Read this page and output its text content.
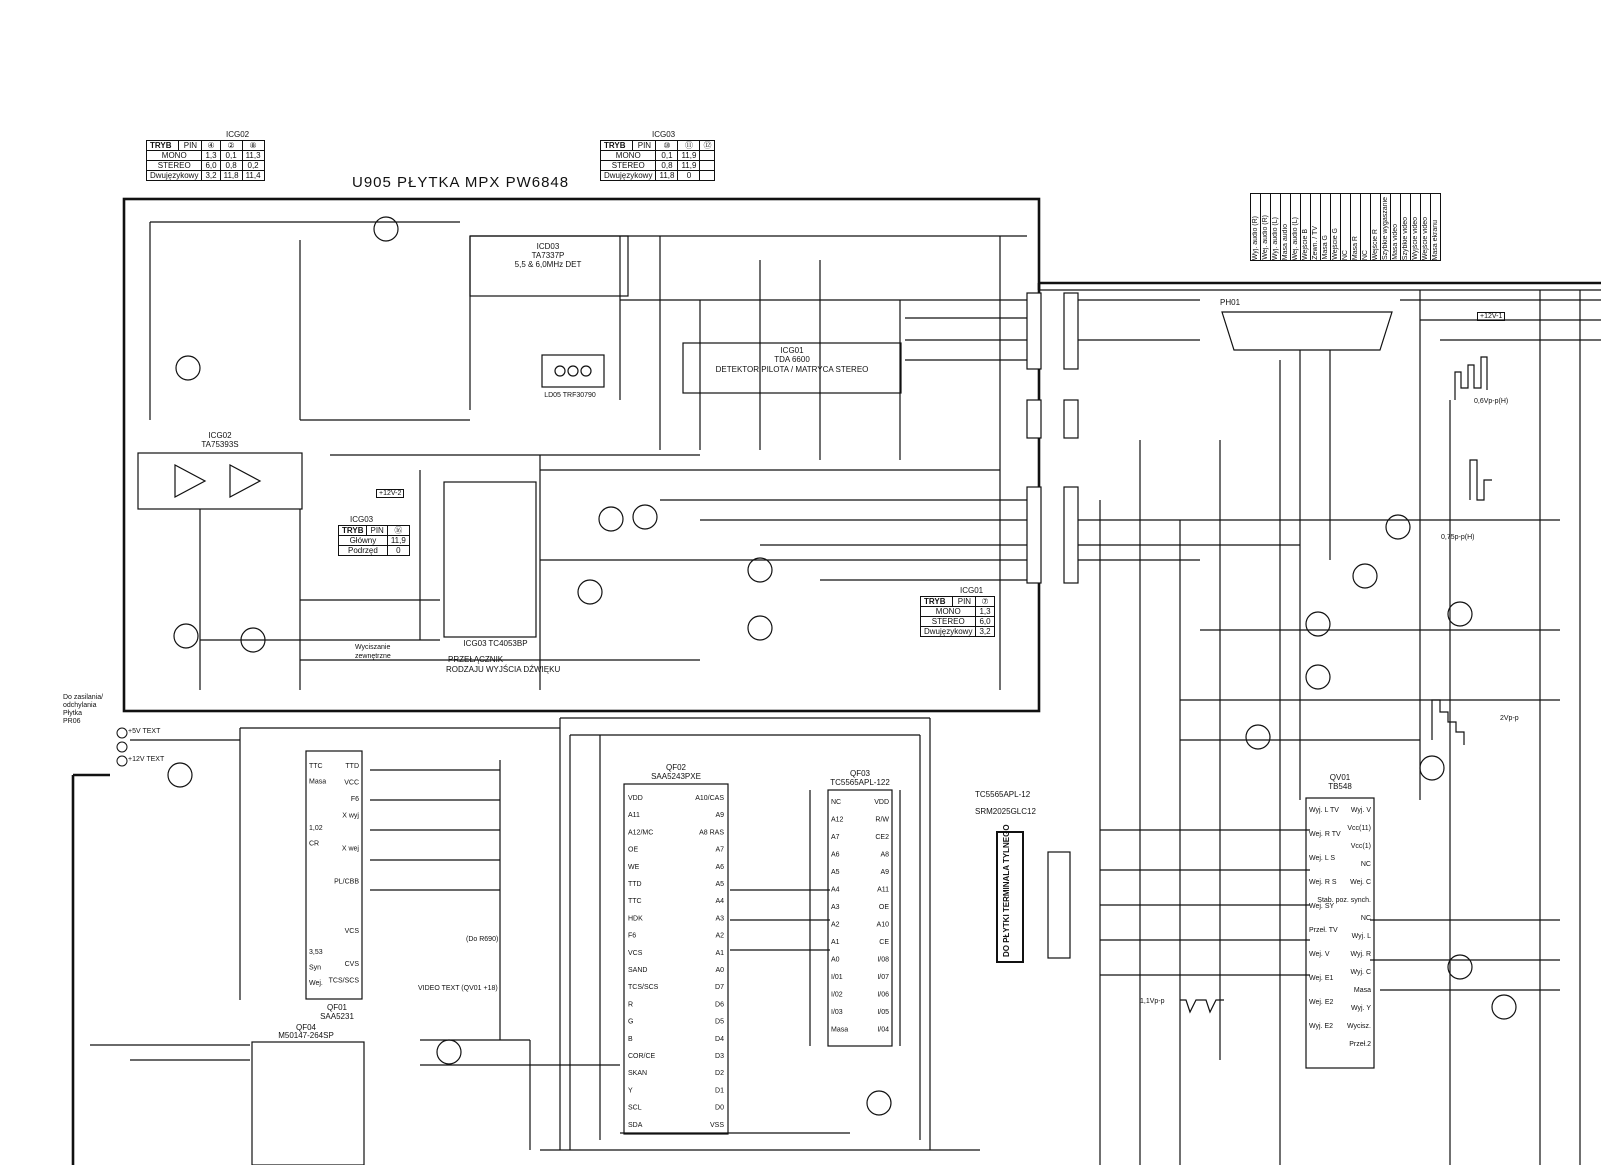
ICD03
TA7337P
5,5 & 6,0MHz DET
ICG01
TDA 6600
DETEKTOR PILOTA / MATRYCA STEREO
ICG02
TA75393S
ICG03 TC4053BP
LD05 TRF30790
QF01
SAA5231
QF02
SAA5243PXE	QF03
TC5565APL-122
QF04
M50147-264SP
QV01
TB548
PH01
VDD
A11
A12/MC
OE
WE
TTD
TTC
HDK
F6
VCS
SAND
TCS/SCS
R
G
B
COR/CE
SKAN
Y
SCL
SDA
A10/CAS
A9
A8 RAS
A7
A6
A5
A4
A3
A2
A1
A0
D7
D6
D5
D4
D3
D2
D1
D0
VSS
NC
A12
A7
A6
A5
A4
A3
A2
A1
A0
I/01
I/02
I/03
Masa
VDD
R/W
CE2
A8
A9
A11
OE
A10
CE
I/08
I/07
I/06
I/05
I/04
TTC
Masa
1,02
CR
3,53
Syn
Wej.
TTD
VCC
F6
X wyj
X wej
PL/CBB
VCS
CVS
TCS/SCS
Wyj. L TV
Wej. R TV
Wej. L S
Wej. R S
Wej. SY
Przeł. TV
Wej. V
Wej. E1
Wej. E2
Wyj. E2
Wyj. V
Vcc(11)
Vcc(1)
NC
Wej. C
Stab. poz. synch.
NC
Wyj. L
Wyj. R
Wyj. C
Masa
Wyj. Y
Wycisz.
Przeł.2
U905 PŁYTKA MPX PW6848
ICG02
TRYB	PIN	④	②	⑧
MONO		1,3	0,1	11,3
STEREO		6,0	0,8	0,2
Dwujęzykowy		3,2	11,8	11,4
ICG03
TRYB	PIN	⑩	⑪	⑫
MONO		0,1	11,9	
STEREO		0,8	11,9	
Dwujęzykowy		11,8	0	
ICG01
TRYB	PIN	⑦
MONO		1,3
STEREO		6,0
Dwujęzykowy		3,2
ICG03
TRYB	PIN	⑯
Główny		11,9
Podrzęd		0
Wyj. audio (R)	Wej. audio (R)	Wyj. audio (L)	Masa audio	Wej. audio (L)	Wejście B	Zewn. / TV	Masa G	Wejście G	NC	Masa R	NC	Wejście R	Szybkie wygaszanie	Masa video	Szybkie video	Wyjście video	Wejście video	Masa ekranu
DO PŁYTKI TERMINALA TYLNEGO
PRZEŁĄCZNIK
RODZAJU WYJŚCIA DŹWIĘKU
Wyciszanie
zewnętrzne
Do zasilania/
odchylania
Płytka
PR06
+5V TEXT
+12V TEXT
+12V-2
+12V-1
0,6Vp-p(H)
0,75p-p(H)
2Vp-p
1,1Vp-p
VIDEO TEXT (QV01 +18)
(Do R690)
TC5565APL-12
SRM2025GLC12
